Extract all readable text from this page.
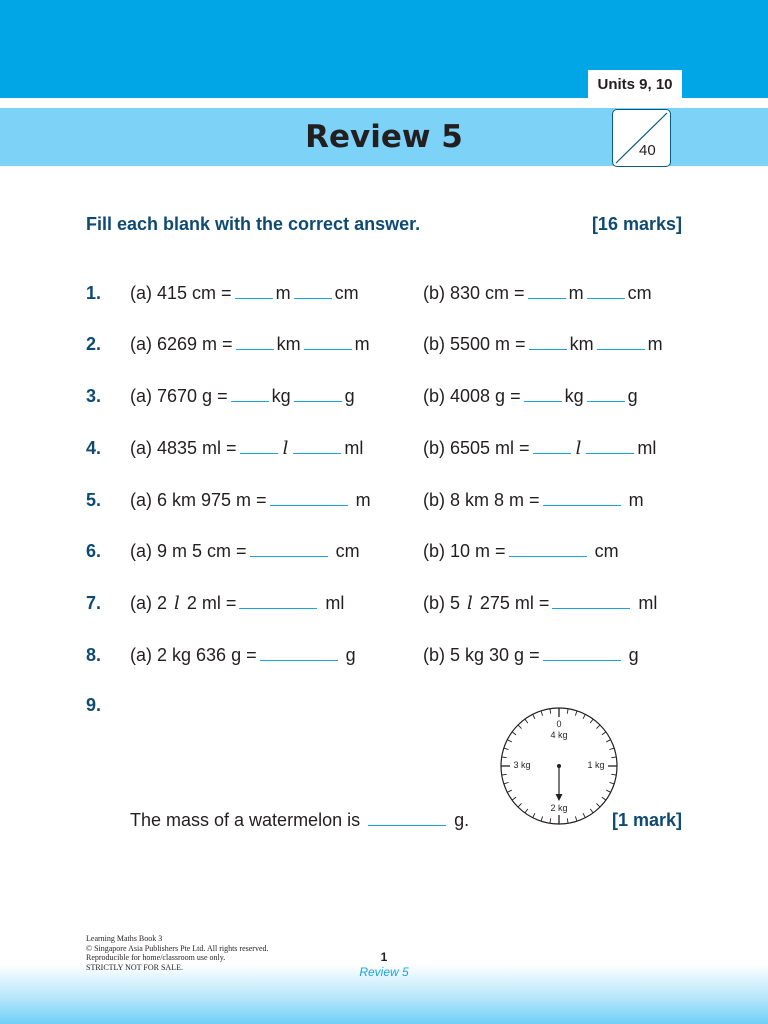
Units 9, 10
Review 5	40
Fill each blank with the correct answer.	[16 marks]
1. (a) 415 cm = m cm	(b) 830 cm = m cm
2. (a) 6269 m = km	m	(b) 5500 m = km	m
3. (a) 7670 g = kg	g	(b) 4008 g = kg g
4. (a) 4835 ml =	l	ml	(b) 6505 ml =	l	ml
5. (a) 6 km 975 m =	m	(b) 8 km 8 m =	m
6. (a) 9 m 5 cm =	cm	(b) 10 m =	cm
7. (a) 2 l 2 ml =	ml	(b) 5 l 275 ml =	ml
8. (a) 2 kg 636 g =	g	(b) 5 kg 30 g =	g
9.
0
4 kg
1 kg
3 kg
2 kg
The mass of a watermelon is	g.	[1 mark]
Learning Maths Book 3
© Singapore Asia Publishers Pte Ltd. All rights reserved.
Reproducible for home/classroom use only.
STRICTLY NOT FOR SALE.
1
Review 5
